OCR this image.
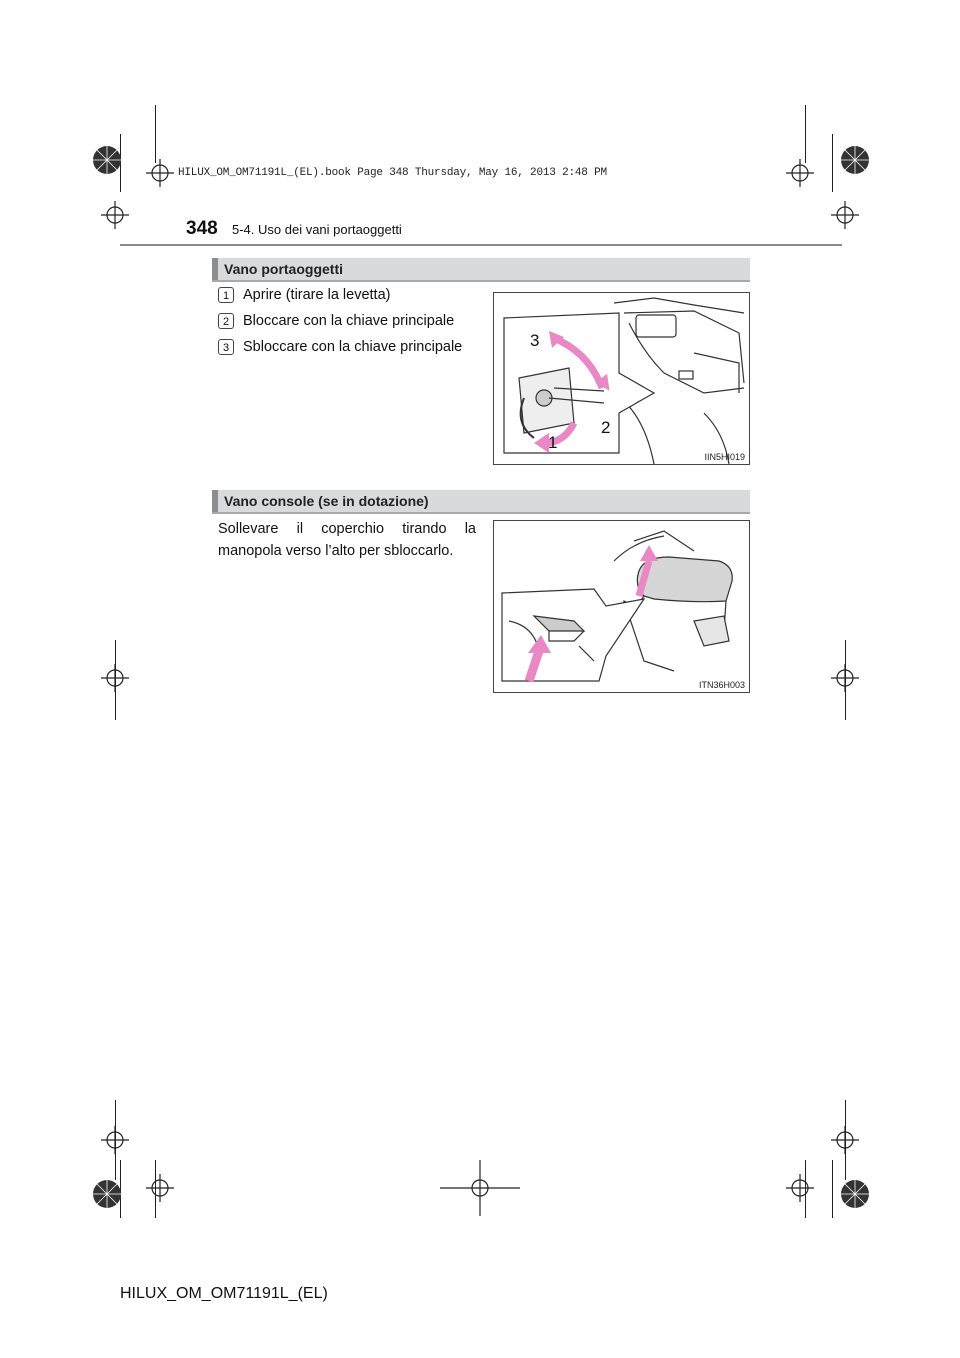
HILUX_OM_OM71191L_(EL).book Page 348 Thursday, May 16, 2013 2:48 PM
348 5-4. Uso dei vani portaoggetti
Vano portaoggetti
1 Aprire (tirare la levetta)
2 Bloccare con la chiave principale
3 Sbloccare con la chiave principale	3
2
1
IIN5HI019
Vano console (se in dotazione)
Sollevare il coperchio tirando la manopola verso l’alto per sbloccarlo.
ITN36H003
HILUX_OM_OM71191L_(EL)
